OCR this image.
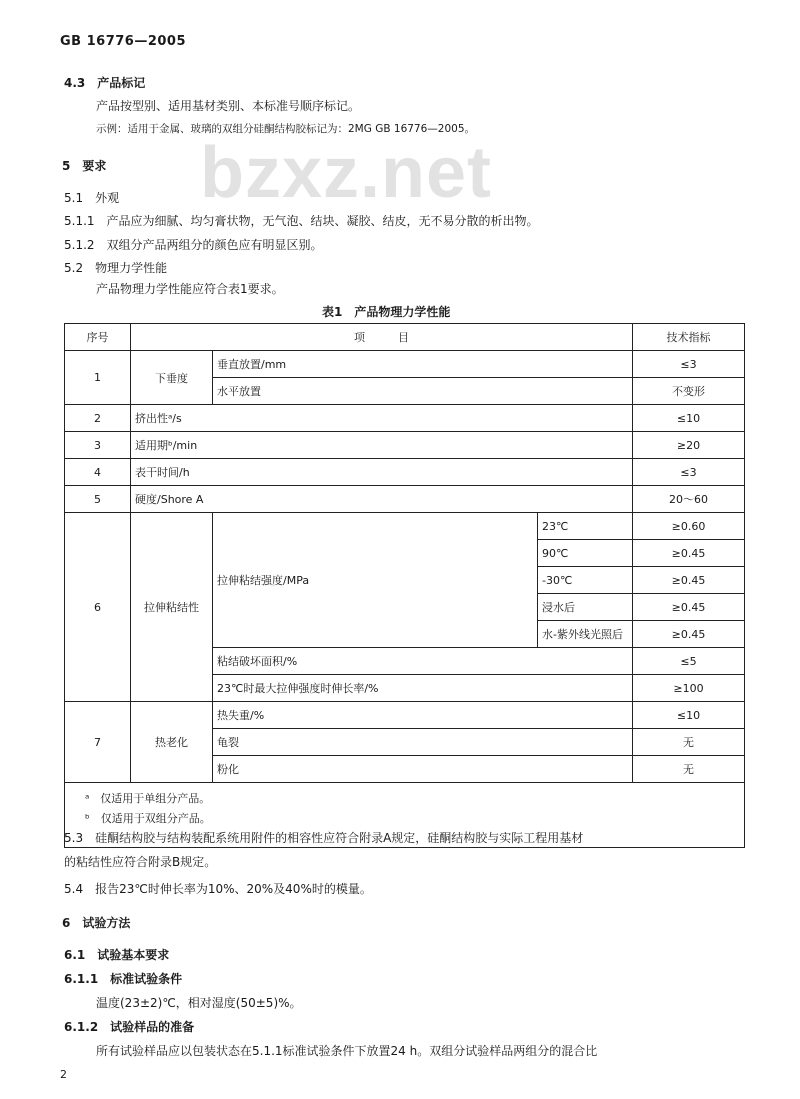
GB 16776—2005
bzxz.net
4.3　产品标记
产品按型别、适用基材类别、本标准号顺序标记。
示例：适用于金属、玻璃的双组分硅酮结构胶标记为：2MG GB 16776—2005。
5　要求
5.1　外观
5.1.1　产品应为细腻、均匀膏状物，无气泡、结块、凝胶、结皮，无不易分散的析出物。
5.1.2　双组分产品两组分的颜色应有明显区别。
5.2　物理力学性能
产品物理力学性能应符合表1要求。
表1　产品物理力学性能
序号	项　　　目			技术指标
1	下垂度	垂直放置/mm		≤3
		水平放置		不变形
2	挤出性ᵃ/s			≤10
3	适用期ᵇ/min			≥20
4	表干时间/h			≤3
5	硬度/Shore A			20～60
6	拉伸粘结性	拉伸粘结强度/MPa	23℃	≥0.60
			90℃	≥0.45
			-30℃	≥0.45
			浸水后	≥0.45
			水-紫外线光照后	≥0.45
		粘结破坏面积/%		≤5
		23℃时最大拉伸强度时伸长率/%		≥100
7	热老化	热失重/%		≤10
		龟裂		无
		粉化		无

ᵃ　仅适用于单组分产品。
ᵇ　仅适用于双组分产品。				
5.3　硅酮结构胶与结构装配系统用附件的相容性应符合附录A规定，硅酮结构胶与实际工程用基材
的粘结性应符合附录B规定。
5.4　报告23℃时伸长率为10%、20%及40%时的模量。
6　试验方法
6.1　试验基本要求
6.1.1　标准试验条件
温度(23±2)℃，相对湿度(50±5)%。
6.1.2　试验样品的准备
所有试验样品应以包装状态在5.1.1标准试验条件下放置24 h。双组分试验样品两组分的混合比
2
